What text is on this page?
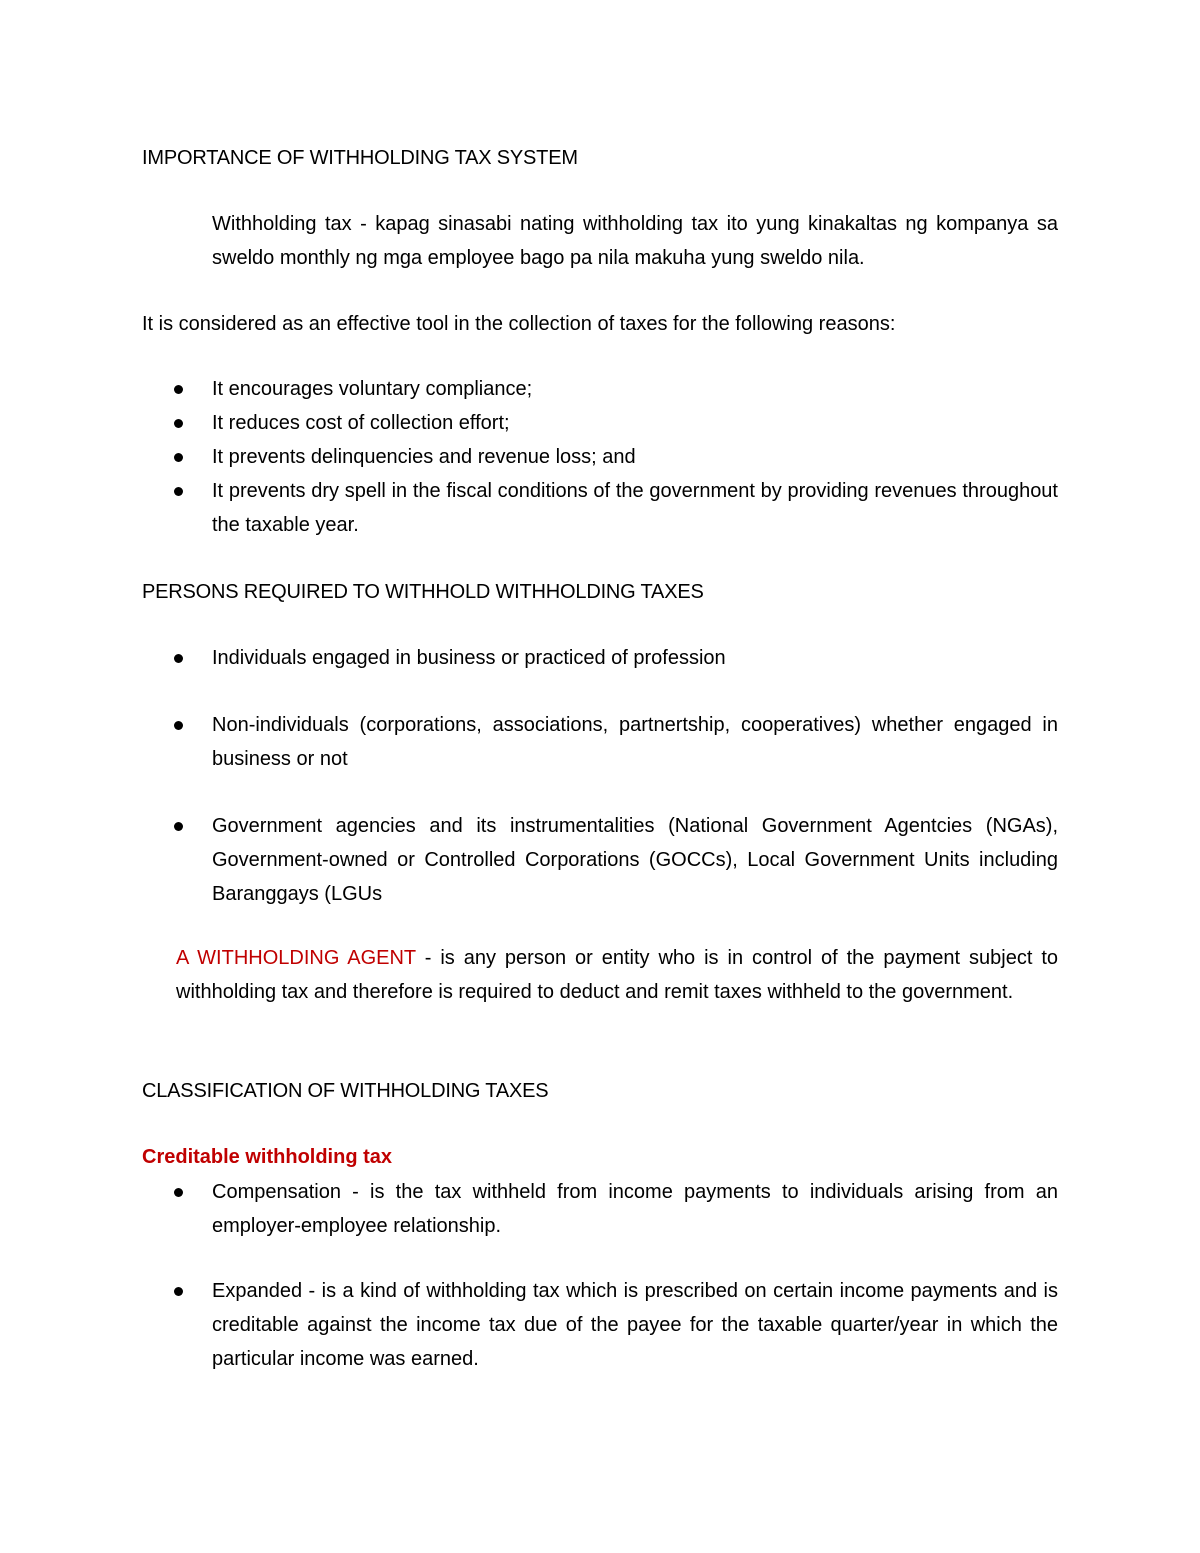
IMPORTANCE OF WITHHOLDING TAX SYSTEM
Withholding tax - kapag sinasabi nating withholding tax ito yung kinakaltas ng kompanya sa sweldo monthly ng mga employee bago pa nila makuha yung sweldo nila.
It is considered as an effective tool in the collection of taxes for the following reasons:
It encourages voluntary compliance;
It reduces cost of collection effort;
It prevents delinquencies and revenue loss; and
It prevents dry spell in the fiscal conditions of the government by providing revenues throughout the taxable year.
PERSONS REQUIRED TO WITHHOLD WITHHOLDING TAXES
Individuals engaged in business or practiced of profession
Non-individuals (corporations, associations, partnertship, cooperatives) whether engaged in business or not
Government agencies and its instrumentalities (National Government Agentcies (NGAs), Government-owned or Controlled Corporations (GOCCs), Local Government Units including Baranggays (LGUs
A WITHHOLDING AGENT - is any person or entity who is in control of the payment subject to withholding tax and therefore is required to deduct and remit taxes withheld to the government.
CLASSIFICATION OF WITHHOLDING TAXES
Creditable withholding tax
Compensation - is the tax withheld from income payments to individuals arising from an employer-employee relationship.
Expanded - is a kind of withholding tax which is prescribed on certain income payments and is creditable against the income tax due of the payee for the taxable quarter/year in which the particular income was earned.
